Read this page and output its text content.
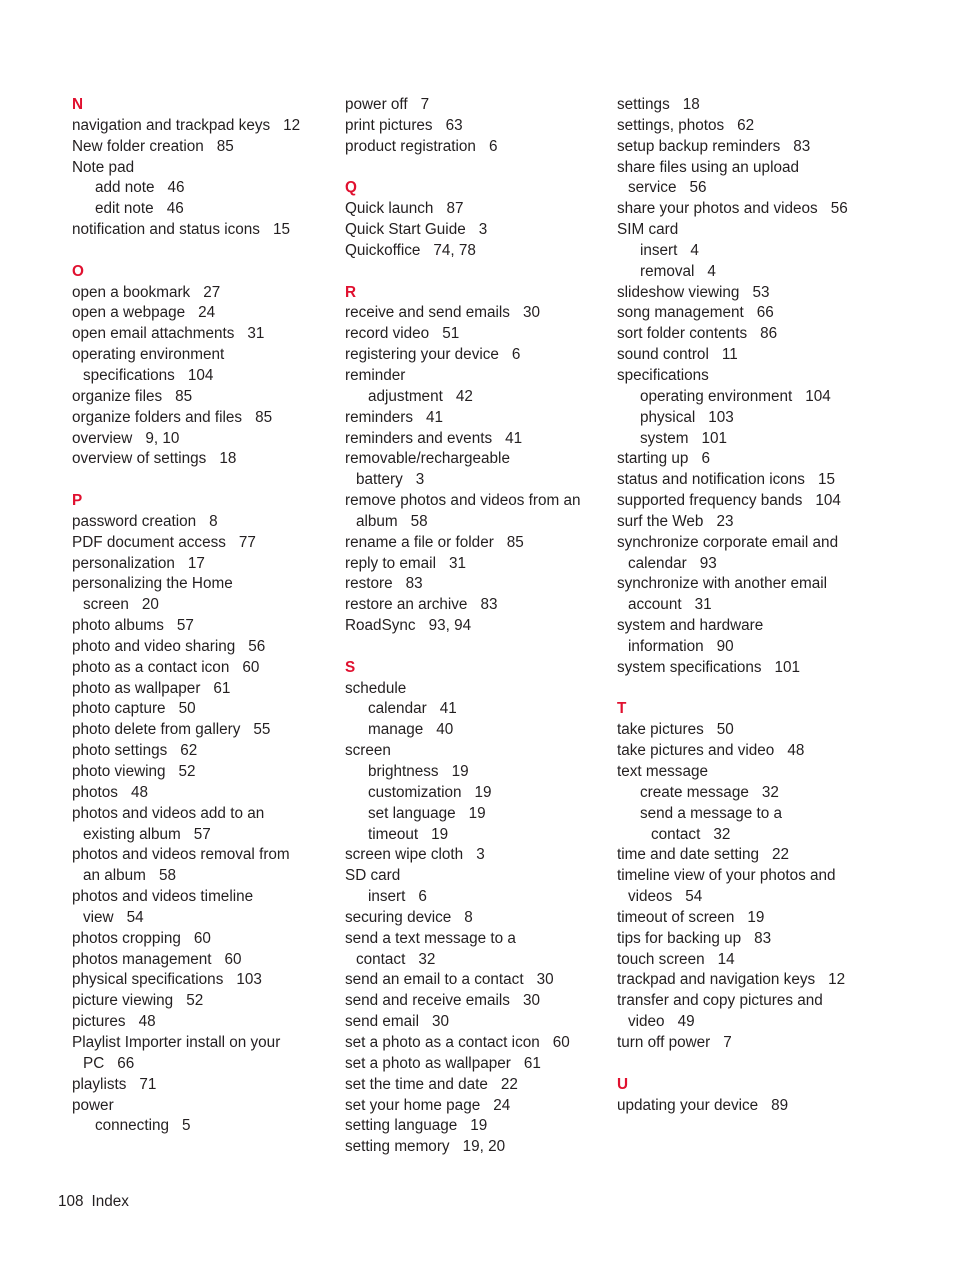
N
navigation and trackpad keys 12
New folder creation 85
Note pad
add note 46
edit note 46
notification and status icons 15
O
open a bookmark 27
open a webpage 24
open email attachments 31
operating environment
specifications 104
organize files 85
organize folders and files 85
overview 9, 10
overview of settings 18
P
password creation 8
PDF document access 77
personalization 17
personalizing the Home
screen 20
photo albums 57
photo and video sharing 56
photo as a contact icon 60
photo as wallpaper 61
photo capture 50
photo delete from gallery 55
photo settings 62
photo viewing 52
photos 48
photos and videos add to an
existing album 57
photos and videos removal from
an album 58
photos and videos timeline
view 54
photos cropping 60
photos management 60
physical specifications 103
picture viewing 52
pictures 48
Playlist Importer install on your
PC 66
playlists 71
power
connecting 5
power off 7
print pictures 63
product registration 6
Q
Quick launch 87
Quick Start Guide 3
Quickoffice 74, 78
R
receive and send emails 30
record video 51
registering your device 6
reminder
adjustment 42
reminders 41
reminders and events 41
removable/rechargeable
battery 3
remove photos and videos from an
album 58
rename a file or folder 85
reply to email 31
restore 83
restore an archive 83
RoadSync 93, 94
S
schedule
calendar 41
manage 40
screen
brightness 19
customization 19
set language 19
timeout 19
screen wipe cloth 3
SD card
insert 6
securing device 8
send a text message to a
contact 32
send an email to a contact 30
send and receive emails 30
send email 30
set a photo as a contact icon 60
set a photo as wallpaper 61
set the time and date 22
set your home page 24
setting language 19
setting memory 19, 20
settings 18
settings, photos 62
setup backup reminders 83
share files using an upload
service 56
share your photos and videos 56
SIM card
insert 4
removal 4
slideshow viewing 53
song management 66
sort folder contents 86
sound control 11
specifications
operating environment 104
physical 103
system 101
starting up 6
status and notification icons 15
supported frequency bands 104
surf the Web 23
synchronize corporate email and
calendar 93
synchronize with another email
account 31
system and hardware
information 90
system specifications 101
T
take pictures 50
take pictures and video 48
text message
create message 32
send a message to a
contact 32
time and date setting 22
timeline view of your photos and
videos 54
timeout of screen 19
tips for backing up 83
touch screen 14
trackpad and navigation keys 12
transfer and copy pictures and
video 49
turn off power 7
U
updating your device 89
108 Index
